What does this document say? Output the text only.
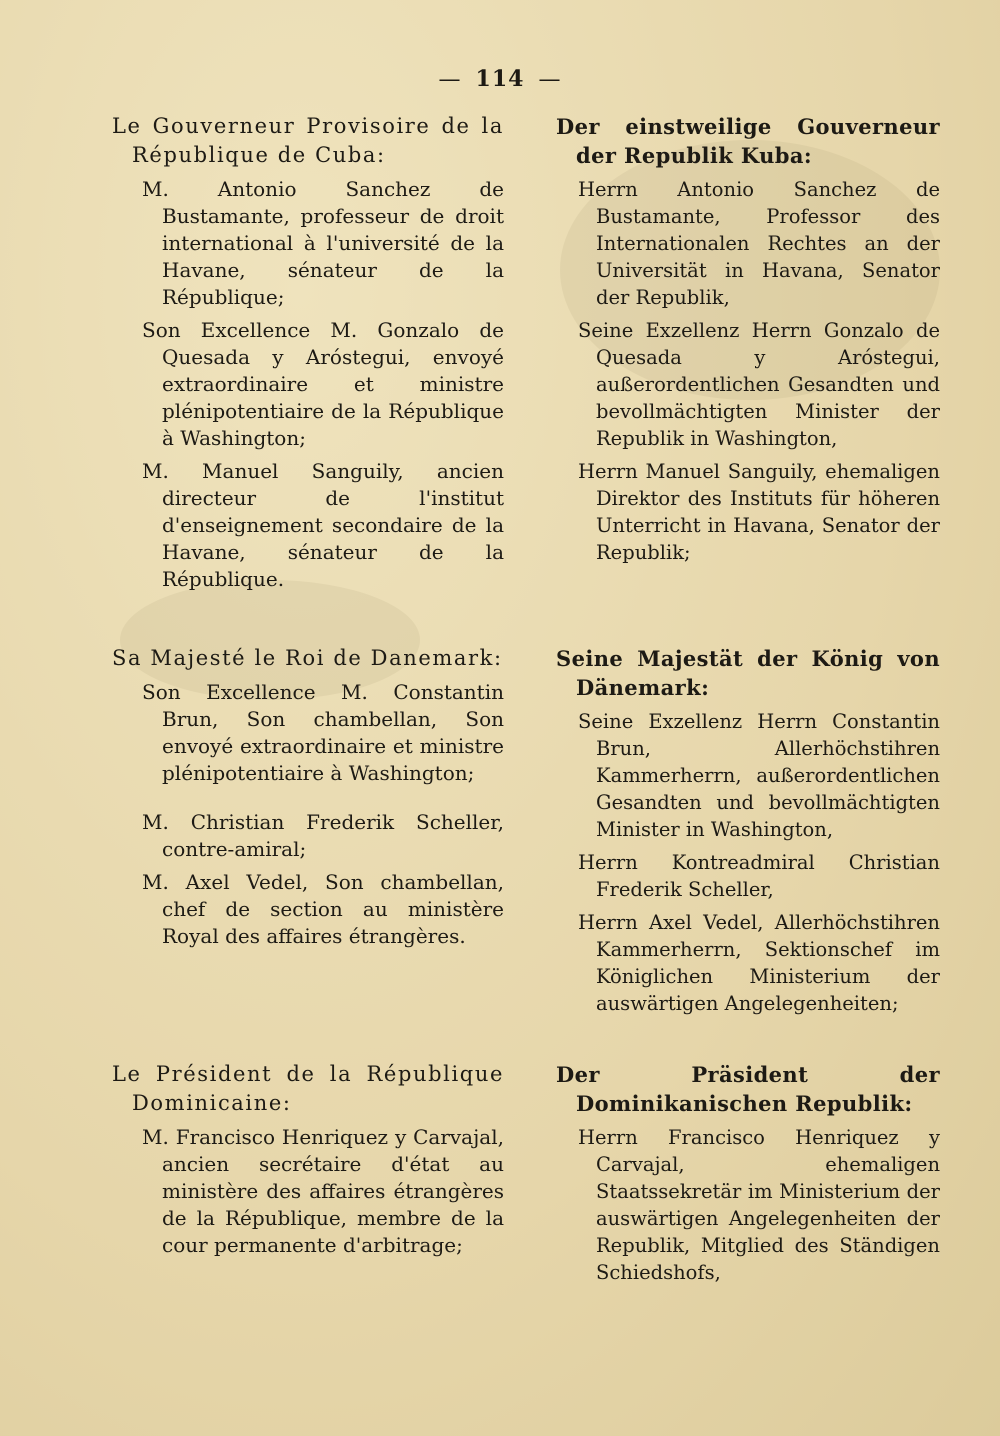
— 114 —

Le Gouverneur Provisoire de la République de Cuba:

M. Antonio Sanchez de Bustamante, professeur de droit international à l'université de la Havane, sénateur de la République;

Son Excellence M. Gonzalo de Quesada y Aróstegui, envoyé extraordinaire et ministre plénipotentiaire de la République à Washington;

M. Manuel Sanguily, ancien directeur de l'institut d'enseignement secondaire de la Havane, sénateur de la République.

Sa Majesté le Roi de Danemark:

Son Excellence M. Constantin Brun, Son chambellan, Son envoyé extraordinaire et ministre plénipotentiaire à Washington;

M. Christian Frederik Scheller, contre-amiral;

M. Axel Vedel, Son chambellan, chef de section au ministère Royal des affaires étrangères.

Le Président de la République Dominicaine:

M. Francisco Henriquez y Carvajal, ancien secrétaire d'état au ministère des affaires étrangères de la République, membre de la cour permanente d'arbitrage;

Der einstweilige Gouverneur der Republik Kuba:

Herrn Antonio Sanchez de Bustamante, Professor des Internationalen Rechtes an der Universität in Havana, Senator der Republik,

Seine Exzellenz Herrn Gonzalo de Quesada y Aróstegui, außerordentlichen Gesandten und bevollmächtigten Minister der Republik in Washington,

Herrn Manuel Sanguily, ehemaligen Direktor des Instituts für höheren Unterricht in Havana, Senator der Republik;

Seine Majestät der König von Dänemark:

Seine Exzellenz Herrn Constantin Brun, Allerhöchstihren Kammerherrn, außerordentlichen Gesandten und bevollmächtigten Minister in Washington,

Herrn Kontreadmiral Christian Frederik Scheller,

Herrn Axel Vedel, Allerhöchstihren Kammerherrn, Sektionschef im Königlichen Ministerium der auswärtigen Angelegenheiten;

Der Präsident der Dominikanischen Republik:

Herrn Francisco Henriquez y Carvajal, ehemaligen Staatssekretär im Ministerium der auswärtigen Angelegenheiten der Republik, Mitglied des Ständigen Schiedshofs,
